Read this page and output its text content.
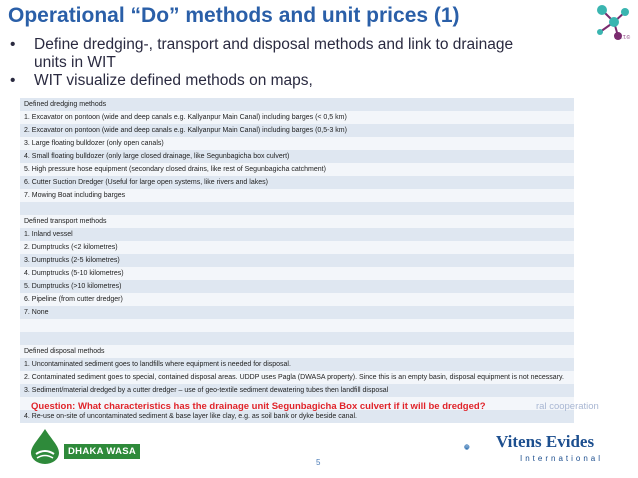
Operational “Do” methods and unit prices (1)
W.I.T.©
•	Define dredging-, transport and disposal methods and link to drainage units in WIT
•	WIT visualize defined methods on maps,
Defined dredging methods
1. Excavator on pontoon (wide and deep canals e.g. Kallyanpur Main Canal) including barges (< 0,5 km)
2. Excavator on pontoon (wide and deep canals e.g. Kallyanpur Main Canal) including barges (0,5-3 km)
3. Large floating bulldozer (only open canals)
4. Small floating bulldozer (only large closed drainage, like Segunbagicha box culvert)
5. High pressure hose equipment (secondary closed drains, like rest of Segunbagicha catchment)
6. Cutter Suction Dredger (Useful for large open systems, like rivers and lakes)
7. Mowing Boat including barges
Defined transport methods
1. Inland vessel
2. Dumptrucks (<2 kilometres)
3. Dumptrucks (2-5 kilometres)
4. Dumptrucks (5-10 kilometres)
5. Dumptrucks (>10 kilometres)
6. Pipeline (from cutter dredger)
7. None
Defined disposal methods
1. Uncontaminated sediment goes to landfills where equipment is needed for disposal.
2. Contaminated sediment goes to special, contained disposal areas. UDDP uses Pagla (DWASA property). Since this is an empty basin, disposal equipment is not necessary.
3. Sediment/material dredged by a cutter dredger – use of geo-textile sediment dewatering tubes then landfill disposal
4. Re-use on-site of uncontaminated sediment & base layer like clay, e.g. as soil bank or dyke beside canal.
Question: What characteristics has the drainage unit Segunbagicha Box culvert if it will be dredged?	ral cooperation
DHAKA WASA
Vitens Evides
International
5
